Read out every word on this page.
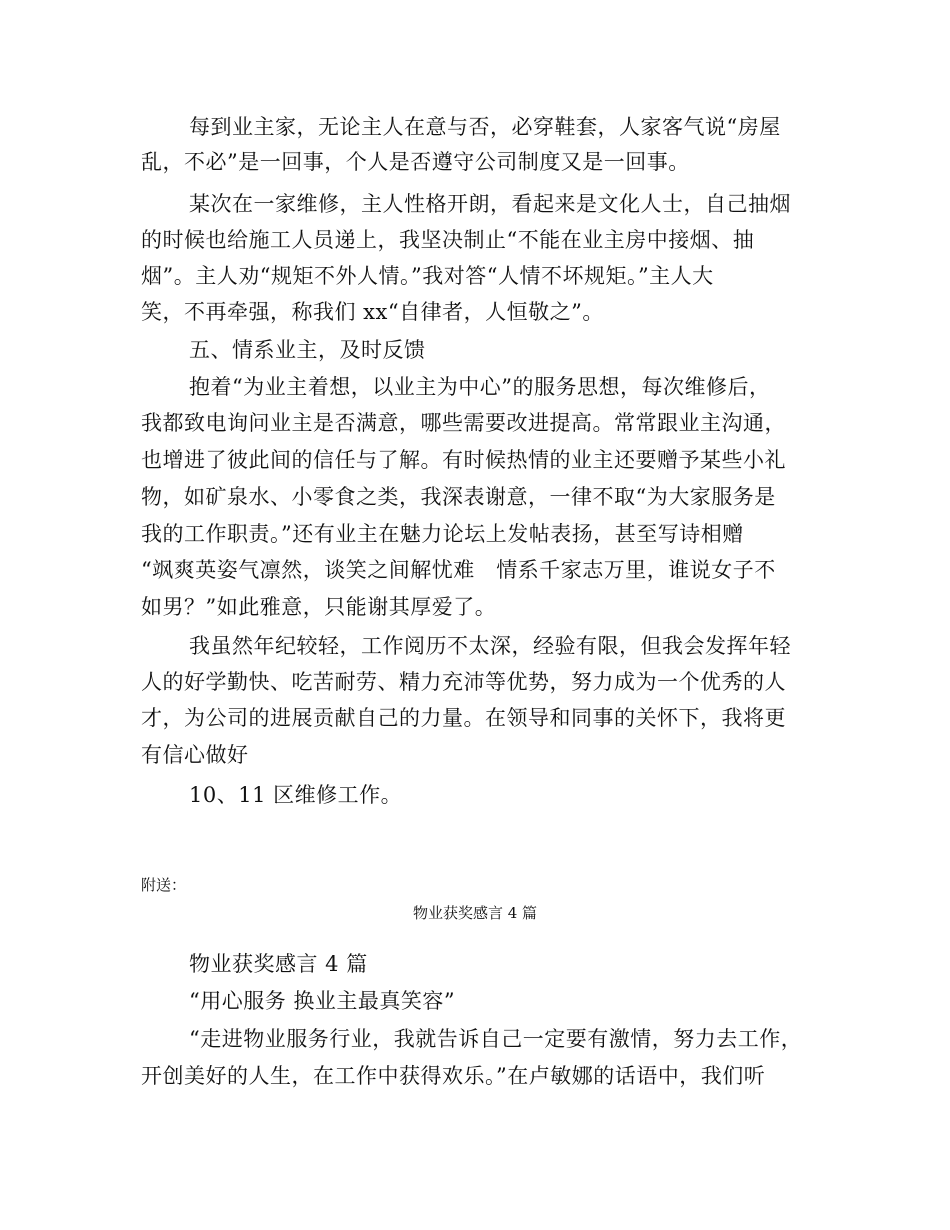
每到业主家，无论主人在意与否，必穿鞋套，人家客气说“房屋
乱，不必”是一回事，个人是否遵守公司制度又是一回事。
某次在一家维修，主人性格开朗，看起来是文化人士，自己抽烟
的时候也给施工人员递上，我坚决制止“不能在业主房中接烟、抽
烟”。主人劝“规矩不外人情。”我对答“人情不坏规矩。”主人大
笑，不再牵强，称我们 xx“自律者，人恒敬之”。
五、情系业主，及时反馈
抱着“为业主着想，以业主为中心”的服务思想，每次维修后，
我都致电询问业主是否满意，哪些需要改进提高。常常跟业主沟通，
也增进了彼此间的信任与了解。有时候热情的业主还要赠予某些小礼
物，如矿泉水、小零食之类，我深表谢意，一律不取“为大家服务是
我的工作职责。”还有业主在魅力论坛上发帖表扬，甚至写诗相赠
“飒爽英姿气凛然，谈笑之间解忧难　情系千家志万里，谁说女子不
如男？”如此雅意，只能谢其厚爱了。
我虽然年纪较轻，工作阅历不太深，经验有限，但我会发挥年轻
人的好学勤快、吃苦耐劳、精力充沛等优势，努力成为一个优秀的人
才，为公司的进展贡献自己的力量。在领导和同事的关怀下，我将更
有信心做好
10、11 区维修工作。
附送：
物业获奖感言 4 篇
物业获奖感言 4 篇
“用心服务 换业主最真笑容”
“走进物业服务行业，我就告诉自己一定要有激情，努力去工作，
开创美好的人生，在工作中获得欢乐。”在卢敏娜的话语中，我们听
